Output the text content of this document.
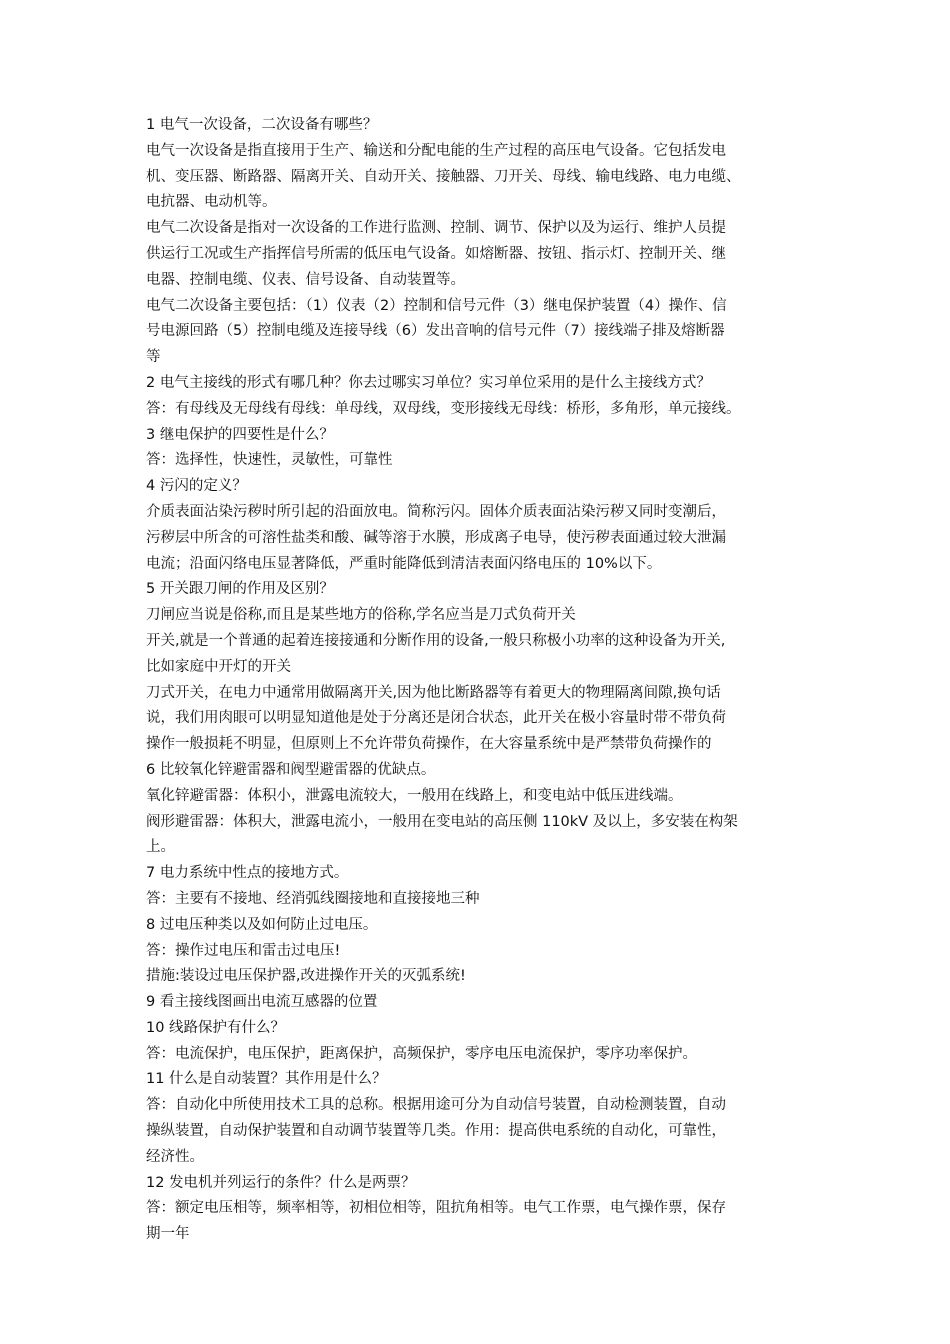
1 电气一次设备，二次设备有哪些？
电气一次设备是指直接用于生产、输送和分配电能的生产过程的高压电气设备。它包括发电
机、变压器、断路器、隔离开关、自动开关、接触器、刀开关、母线、输电线路、电力电缆、
电抗器、电动机等。
电气二次设备是指对一次设备的工作进行监测、控制、调节、保护以及为运行、维护人员提
供运行工况或生产指挥信号所需的低压电气设备。如熔断器、按钮、指示灯、控制开关、继
电器、控制电缆、仪表、信号设备、自动装置等。
电气二次设备主要包括：（1）仪表（2）控制和信号元件（3）继电保护装置（4）操作、信
号电源回路（5）控制电缆及连接导线（6）发出音响的信号元件（7）接线端子排及熔断器
等
2 电气主接线的形式有哪几种？你去过哪实习单位？实习单位采用的是什么主接线方式？
答：有母线及无母线有母线：单母线，双母线，变形接线无母线：桥形，多角形，单元接线。
3 继电保护的四要性是什么？
答：选择性，快速性，灵敏性，可靠性
4 污闪的定义？
介质表面沾染污秽时所引起的沿面放电。简称污闪。固体介质表面沾染污秽又同时变潮后，
污秽层中所含的可溶性盐类和酸、碱等溶于水膜，形成离子电导，使污秽表面通过较大泄漏
电流；沿面闪络电压显著降低，严重时能降低到清洁表面闪络电压的 10%以下。
5 开关跟刀闸的作用及区别？
刀闸应当说是俗称,而且是某些地方的俗称,学名应当是刀式负荷开关
开关,就是一个普通的起着连接接通和分断作用的设备,一般只称极小功率的这种设备为开关,
比如家庭中开灯的开关
刀式开关，在电力中通常用做隔离开关,因为他比断路器等有着更大的物理隔离间隙,换句话
说，我们用肉眼可以明显知道他是处于分离还是闭合状态，此开关在极小容量时带不带负荷
操作一般损耗不明显，但原则上不允许带负荷操作，在大容量系统中是严禁带负荷操作的
6 比较氧化锌避雷器和阀型避雷器的优缺点。
氧化锌避雷器：体积小，泄露电流较大，一般用在线路上，和变电站中低压进线端。
阀形避雷器：体积大，泄露电流小，一般用在变电站的高压侧 110kV 及以上，多安装在构架
上。
7 电力系统中性点的接地方式。
答：主要有不接地、经消弧线圈接地和直接接地三种
8 过电压种类以及如何防止过电压。
答：操作过电压和雷击过电压!
措施:装设过电压保护器,改进操作开关的灭弧系统!
9 看主接线图画出电流互感器的位置
10 线路保护有什么？
答：电流保护，电压保护，距离保护，高频保护，零序电压电流保护，零序功率保护。
11 什么是自动装置？其作用是什么？
答：自动化中所使用技术工具的总称。根据用途可分为自动信号装置，自动检测装置，自动
操纵装置，自动保护装置和自动调节装置等几类。作用：提高供电系统的自动化，可靠性，
经济性。
12 发电机并列运行的条件？什么是两票？
答：额定电压相等，频率相等，初相位相等，阻抗角相等。电气工作票，电气操作票，保存
期一年
